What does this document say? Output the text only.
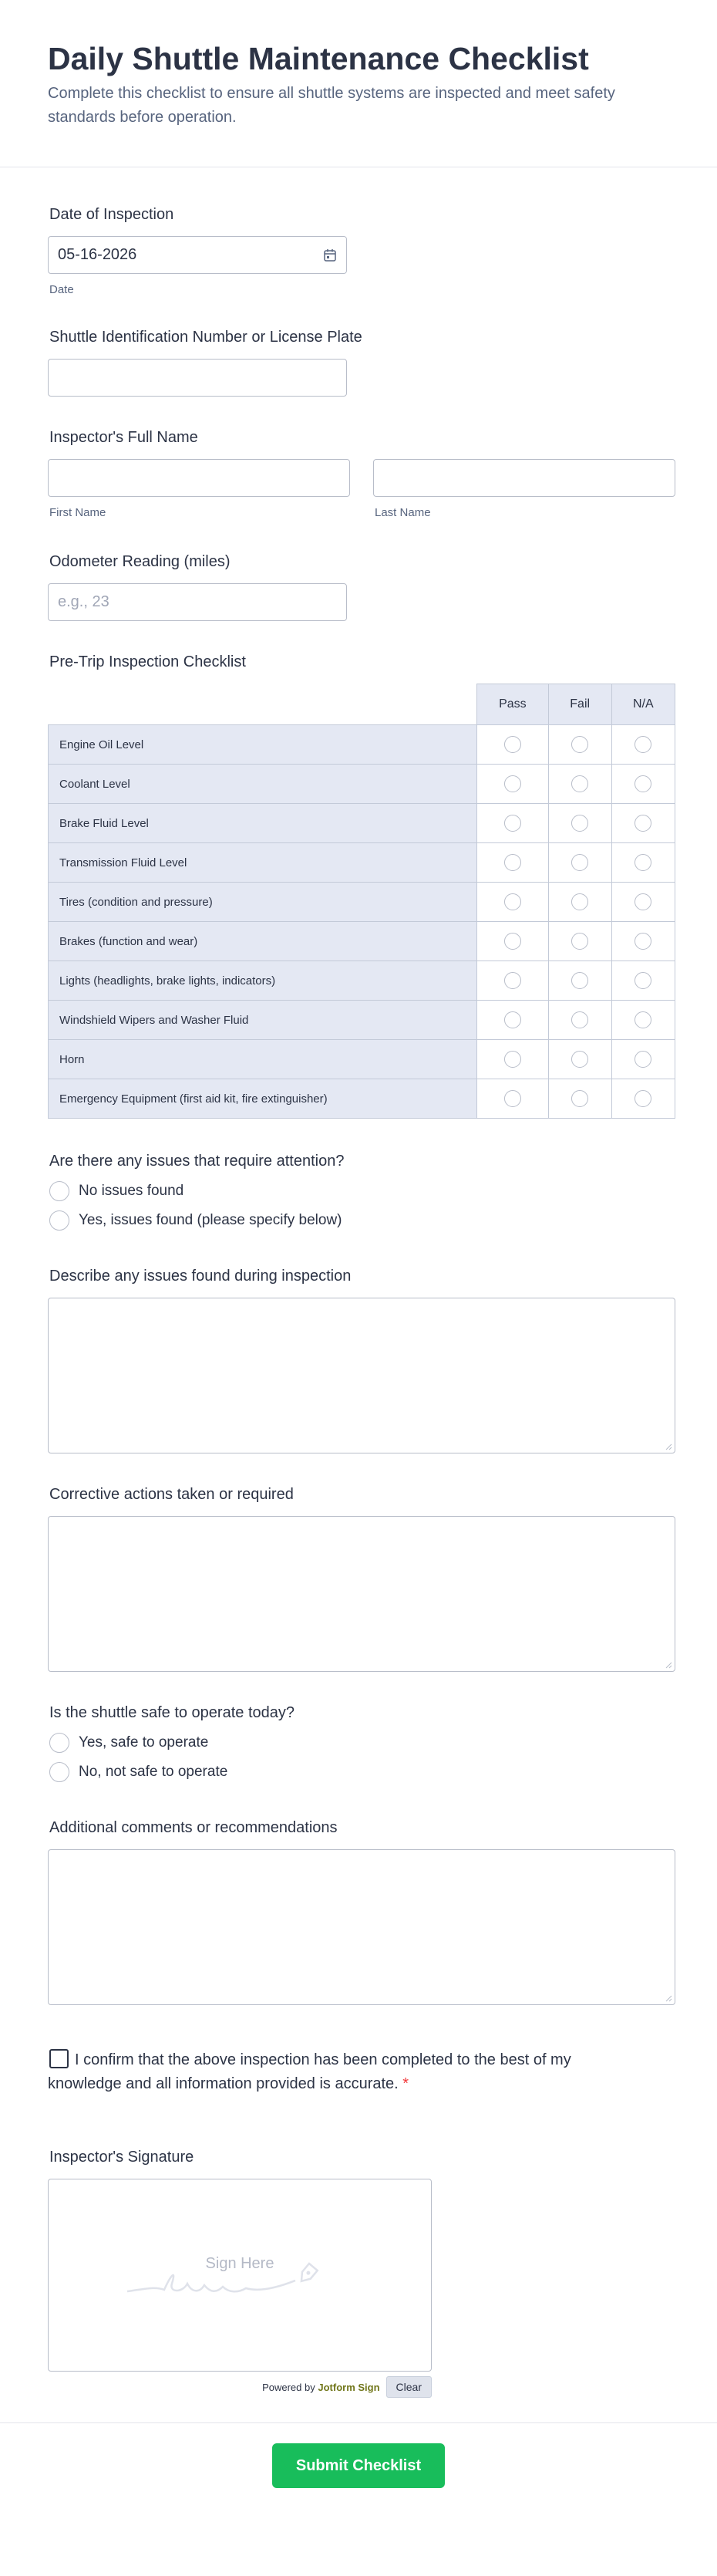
Daily Shuttle Maintenance Checklist

Complete this checklist to ensure all shuttle systems are inspected and meet safety standards before operation.

Date of Inspection
05-16-2026
Date
Shuttle Identification Number or License Plate
Inspector's Full Name
First Name	Last Name
Odometer Reading (miles)
e.g., 23
Pre-Trip Inspection Checklist
	Pass	Fail	N/A
Engine Oil Level			
Coolant Level			
Brake Fluid Level			
Transmission Fluid Level			
Tires (condition and pressure)			
Brakes (function and wear)			
Lights (headlights, brake lights, indicators)			
Windshield Wipers and Washer Fluid			
Horn			
Emergency Equipment (first aid kit, fire extinguisher)			
Are there any issues that require attention?
No issues found
Yes, issues found (please specify below)
Describe any issues found during inspection
Corrective actions taken or required
Is the shuttle safe to operate today?
Yes, safe to operate
No, not safe to operate
Additional comments or recommendations
I confirm that the above inspection has been completed to the best of my knowledge and all information provided is accurate. *
Inspector's Signature
Sign Here
Powered by Jotform Sign	Clear
Submit Checklist
